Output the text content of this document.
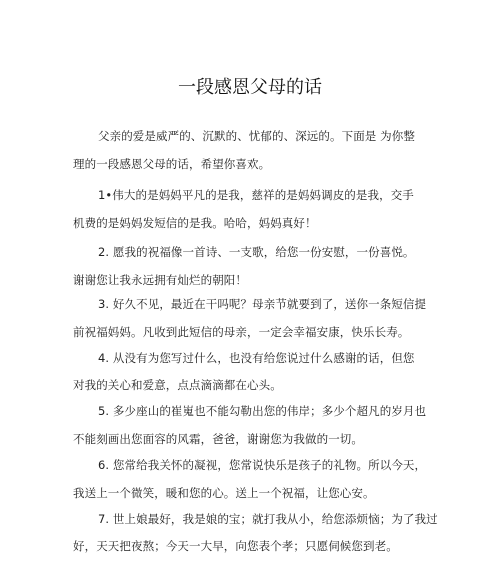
一段感恩父母的话
父亲的爱是威严的、沉默的、忧郁的、深远的。下面是 为你整
理的一段感恩父母的话，希望你喜欢。
1•伟大的是妈妈平凡的是我，慈祥的是妈妈调皮的是我，交手
机费的是妈妈发短信的是我。哈哈，妈妈真好！
2. 愿我的祝福像一首诗、一支歌，给您一份安慰，一份喜悦。
谢谢您让我永远拥有灿烂的朝阳！
3. 好久不见，最近在干吗呢？母亲节就要到了，送你一条短信提
前祝福妈妈。凡收到此短信的母亲，一定会幸福安康，快乐长寿。
4. 从没有为您写过什么，也没有给您说过什么感谢的话，但您
对我的关心和爱意，点点滴滴都在心头。
5. 多少座山的崔嵬也不能勾勒出您的伟岸；多少个超凡的岁月也
不能刻画出您面容的风霜，爸爸，谢谢您为我做的一切。
6. 您常给我关怀的凝视，您常说快乐是孩子的礼物。所以今天，
我送上一个微笑，暖和您的心。送上一个祝福，让您心安。
7. 世上娘最好，我是娘的宝；就打我从小，给您添烦恼；为了我过
好，天天把夜熬；今天一大早，向您表个孝；只愿伺候您到老。
